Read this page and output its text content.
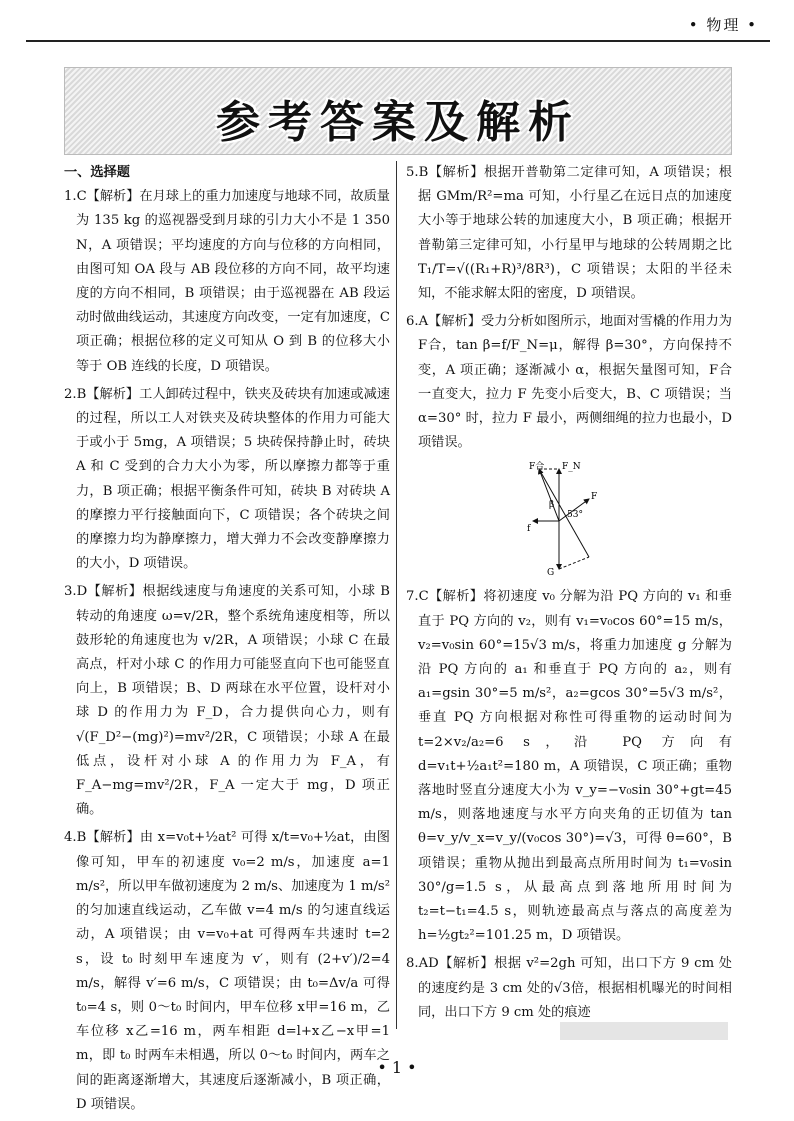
• 物理 •
参考答案及解析

一、选择题

1.C【解析】在月球上的重力加速度与地球不同，故质量为 135 kg 的巡视器受到月球的引力大小不是 1 350 N，A 项错误；平均速度的方向与位移的方向相同，由图可知 OA 段与 AB 段位移的方向不同，故平均速度的方向不相同，B 项错误；由于巡视器在 AB 段运动时做曲线运动，其速度方向改变，一定有加速度，C 项正确；根据位移的定义可知从 O 到 B 的位移大小等于 OB 连线的长度，D 项错误。

2.B【解析】工人卸砖过程中，铁夹及砖块有加速或减速的过程，所以工人对铁夹及砖块整体的作用力可能大于或小于 5mg，A 项错误；5 块砖保持静止时，砖块 A 和 C 受到的合力大小为零，所以摩擦力都等于重力，B 项正确；根据平衡条件可知，砖块 B 对砖块 A 的摩擦力平行接触面向下，C 项错误；各个砖块之间的摩擦力均为静摩擦力，增大弹力不会改变静摩擦力的大小，D 项错误。

3.D【解析】根据线速度与角速度的关系可知，小球 B 转动的角速度 ω=v/2R，整个系统角速度相等，所以鼓形轮的角速度也为 v/2R，A 项错误；小球 C 在最高点，杆对小球 C 的作用力可能竖直向下也可能竖直向上，B 项错误；B、D 两球在水平位置，设杆对小球 D 的作用力为 F_D，合力提供向心力，则有 √(F_D²−(mg)²)=mv²/2R，C 项错误；小球 A 在最低点，设杆对小球 A 的作用力为 F_A，有 F_A−mg=mv²/2R，F_A 一定大于 mg，D 项正确。

4.B【解析】由 x=v₀t+½at² 可得 x/t=v₀+½at，由图像可知，甲车的初速度 v₀=2 m/s，加速度 a=1 m/s²，所以甲车做初速度为 2 m/s、加速度为 1 m/s² 的匀加速直线运动，乙车做 v=4 m/s 的匀速直线运动，A 项错误；由 v=v₀+at 可得两车共速时 t=2 s，设 t₀ 时刻甲车速度为 v′，则有 (2+v′)/2=4 m/s，解得 v′=6 m/s，C 项错误；由 t₀=Δv/a 可得 t₀=4 s，则 0～t₀ 时间内，甲车位移 x甲=16 m，乙车位移 x乙=16 m，两车相距 d=l+x乙−x甲=1 m，即 t₀ 时两车未相遇，所以 0～t₀ 时间内，两车之间的距离逐渐增大，其速度后逐渐减小，B 项正确，D 项错误。

5.B【解析】根据开普勒第二定律可知，A 项错误；根据 GMm/R²=ma 可知，小行星乙在远日点的加速度大小等于地球公转的加速度大小，B 项正确；根据开普勒第三定律可知，小行星甲与地球的公转周期之比 T₁/T=√((R₁+R)³/8R³)，C 项错误；太阳的半径未知，不能求解太阳的密度，D 项错误。

6.A【解析】受力分析如图所示，地面对雪橇的作用力为 F合，tan β=f/F_N=μ，解得 β=30°，方向保持不变，A 项正确；逐渐减小 α，根据矢量图可知，F合 一直变大，拉力 F 先变小后变大，B、C 项错误；当 α=30° 时，拉力 F 最小，两侧细绳的拉力也最小，D 项错误。

F合 F_N
β
F
53°
f
G

7.C【解析】将初速度 v₀ 分解为沿 PQ 方向的 v₁ 和垂直于 PQ 方向的 v₂，则有 v₁=v₀cos 60°=15 m/s，v₂=v₀sin 60°=15√3 m/s，将重力加速度 g 分解为沿 PQ 方向的 a₁ 和垂直于 PQ 方向的 a₂，则有 a₁=gsin 30°=5 m/s²，a₂=gcos 30°=5√3 m/s²，垂直 PQ 方向根据对称性可得重物的运动时间为 t=2×v₂/a₂=6 s，沿 PQ 方向有 d=v₁t+½a₁t²=180 m，A 项错误，C 项正确；重物落地时竖直分速度大小为 v_y=−v₀sin 30°+gt=45 m/s，则落地速度与水平方向夹角的正切值为 tan θ=v_y/v_x=v_y/(v₀cos 30°)=√3，可得 θ=60°，B 项错误；重物从抛出到最高点所用时间为 t₁=v₀sin 30°/g=1.5 s，从最高点到落地所用时间为 t₂=t−t₁=4.5 s，则轨迹最高点与落点的高度差为 h=½gt₂²=101.25 m，D 项错误。

8.AD【解析】根据 v²=2gh 可知，出口下方 9 cm 处的速度约是 3 cm 处的√3倍，根据相机曝光的时间相同，出口下方 9 cm 处的痕迹

• 1 •
